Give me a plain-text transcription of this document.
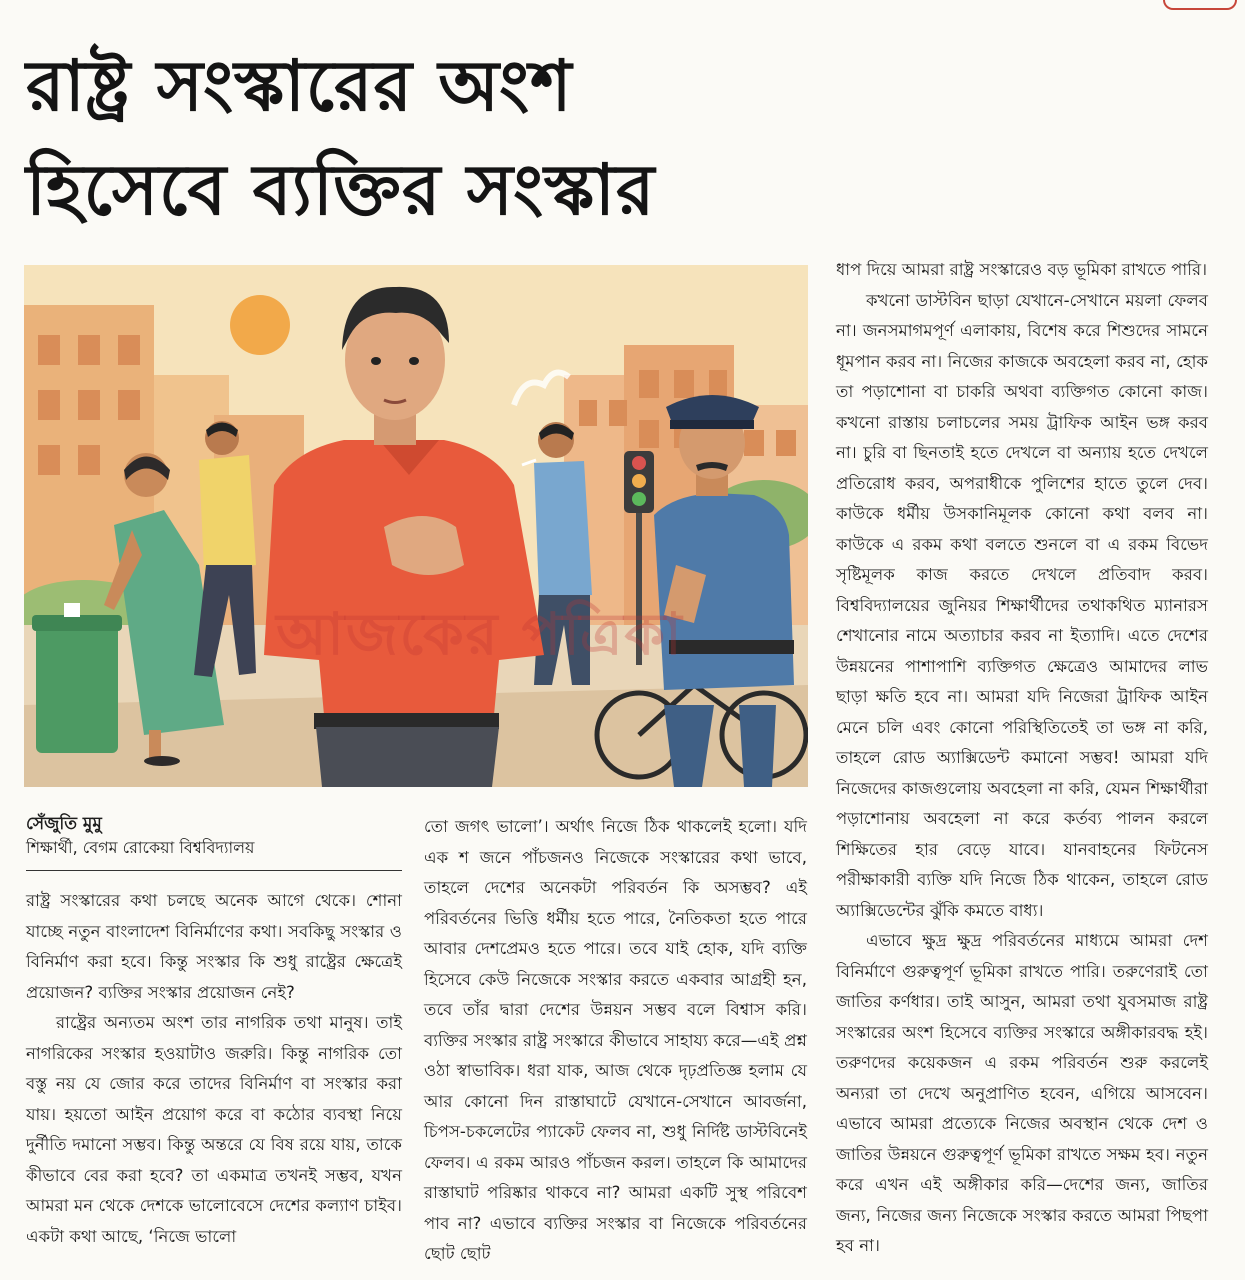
রাষ্ট্র সংস্কারের অংশ
হিসেবে ব্যক্তির সংস্কার
আজকের পত্রিকা
সেঁজুতি মুমু
শিক্ষার্থী, বেগম রোকেয়া বিশ্ববিদ্যালয়

রাষ্ট্র সংস্কারের কথা চলছে অনেক আগে থেকে। শোনা যাচ্ছে নতুন বাংলাদেশ বিনির্মাণের কথা। সবকিছু সংস্কার ও বিনির্মাণ করা হবে। কিন্তু সংস্কার কি শুধু রাষ্ট্রের ক্ষেত্রেই প্রয়োজন? ব্যক্তির সংস্কার প্রয়োজন নেই?

রাষ্ট্রের অন্যতম অংশ তার নাগরিক তথা মানুষ। তাই নাগরিকের সংস্কার হওয়াটাও জরুরি। কিন্তু নাগরিক তো বস্তু নয় যে জোর করে তাদের বিনির্মাণ বা সংস্কার করা যায়। হয়তো আইন প্রয়োগ করে বা কঠোর ব্যবস্থা নিয়ে দুর্নীতি দমানো সম্ভব। কিন্তু অন্তরে যে বিষ রয়ে যায়, তাকে কীভাবে বের করা হবে? তা একমাত্র তখনই সম্ভব, যখন আমরা মন থেকে দেশকে ভালোবেসে দেশের কল্যাণ চাইব। একটা কথা আছে, ‘নিজে ভালো

তো জগৎ ভালো’। অর্থাৎ নিজে ঠিক থাকলেই হলো। যদি এক শ জনে পাঁচজনও নিজেকে সংস্কারের কথা ভাবে, তাহলে দেশের অনেকটা পরিবর্তন কি অসম্ভব? এই পরিবর্তনের ভিত্তি ধর্মীয় হতে পারে, নৈতিকতা হতে পারে আবার দেশপ্রেমও হতে পারে। তবে যাই হোক, যদি ব্যক্তি হিসেবে কেউ নিজেকে সংস্কার করতে একবার আগ্রহী হন, তবে তাঁর দ্বারা দেশের উন্নয়ন সম্ভব বলে বিশ্বাস করি। ব্যক্তির সংস্কার রাষ্ট্র সংস্কারে কীভাবে সাহায্য করে—এই প্রশ্ন ওঠা স্বাভাবিক। ধরা যাক, আজ থেকে দৃঢ়প্রতিজ্ঞ হলাম যে আর কোনো দিন রাস্তাঘাটে যেখানে-সেখানে আবর্জনা, চিপস-চকলেটের প্যাকেট ফেলব না, শুধু নির্দিষ্ট ডাস্টবিনেই ফেলব। এ রকম আরও পাঁচজন করল। তাহলে কি আমাদের রাস্তাঘাট পরিষ্কার থাকবে না? আমরা একটি সুস্থ পরিবেশ পাব না? এভাবে ব্যক্তির সংস্কার বা নিজেকে পরিবর্তনের ছোট ছোট

ধাপ দিয়ে আমরা রাষ্ট্র সংস্কারেও বড় ভূমিকা রাখতে পারি।

কখনো ডাস্টবিন ছাড়া যেখানে-সেখানে ময়লা ফেলব না। জনসমাগমপূর্ণ এলাকায়, বিশেষ করে শিশুদের সামনে ধূমপান করব না। নিজের কাজকে অবহেলা করব না, হোক তা পড়াশোনা বা চাকরি অথবা ব্যক্তিগত কোনো কাজ। কখনো রাস্তায় চলাচলের সময় ট্রাফিক আইন ভঙ্গ করব না। চুরি বা ছিনতাই হতে দেখলে বা অন্যায় হতে দেখলে প্রতিরোধ করব, অপরাধীকে পুলিশের হাতে তুলে দেব। কাউকে ধর্মীয় উসকানিমূলক কোনো কথা বলব না। কাউকে এ রকম কথা বলতে শুনলে বা এ রকম বিভেদ সৃষ্টিমূলক কাজ করতে দেখলে প্রতিবাদ করব। বিশ্ববিদ্যালয়ের জুনিয়র শিক্ষার্থীদের তথাকথিত ম্যানারস শেখানোর নামে অত্যাচার করব না ইত্যাদি। এতে দেশের উন্নয়নের পাশাপাশি ব্যক্তিগত ক্ষেত্রেও আমাদের লাভ ছাড়া ক্ষতি হবে না। আমরা যদি নিজেরা ট্রাফিক আইন মেনে চলি এবং কোনো পরিস্থিতিতেই তা ভঙ্গ না করি, তাহলে রোড অ্যাক্সিডেন্ট কমানো সম্ভব! আমরা যদি নিজেদের কাজগুলোয় অবহেলা না করি, যেমন শিক্ষার্থীরা পড়াশোনায় অবহেলা না করে কর্তব্য পালন করলে শিক্ষিতের হার বেড়ে যাবে। যানবাহনের ফিটনেস পরীক্ষাকারী ব্যক্তি যদি নিজে ঠিক থাকেন, তাহলে রোড অ্যাক্সিডেন্টের ঝুঁকি কমতে বাধ্য।

এভাবে ক্ষুদ্র ক্ষুদ্র পরিবর্তনের মাধ্যমে আমরা দেশ বিনির্মাণে গুরুত্বপূর্ণ ভূমিকা রাখতে পারি। তরুণেরাই তো জাতির কর্ণধার। তাই আসুন, আমরা তথা যুবসমাজ রাষ্ট্র সংস্কারের অংশ হিসেবে ব্যক্তির সংস্কারে অঙ্গীকারবদ্ধ হই। তরুণদের কয়েকজন এ রকম পরিবর্তন শুরু করলেই অন্যরা তা দেখে অনুপ্রাণিত হবেন, এগিয়ে আসবেন। এভাবে আমরা প্রত্যেকে নিজের অবস্থান থেকে দেশ ও জাতির উন্নয়নে গুরুত্বপূর্ণ ভূমিকা রাখতে সক্ষম হব। নতুন করে এখন এই অঙ্গীকার করি—দেশের জন্য, জাতির জন্য, নিজের জন্য নিজেকে সংস্কার করতে আমরা পিছপা হব না।
